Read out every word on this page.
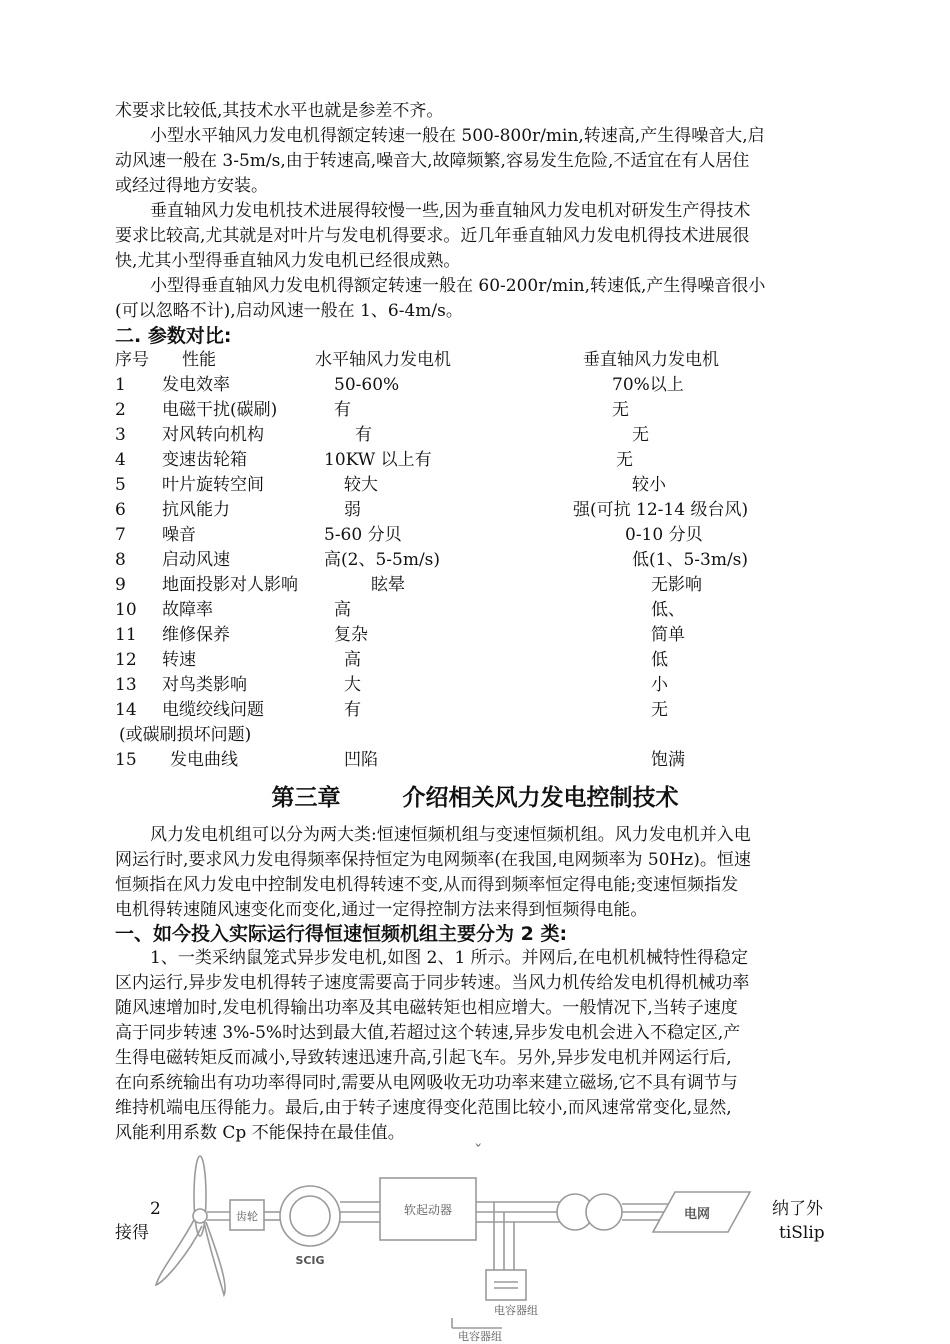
术要求比较低,其技术水平也就是参差不齐。
小型水平轴风力发电机得额定转速一般在 500-800r/min,转速高,产生得噪音大,启
动风速一般在 3-5m/s,由于转速高,噪音大,故障频繁,容易发生危险,不适宜在有人居住
或经过得地方安装。
垂直轴风力发电机技术进展得较慢一些,因为垂直轴风力发电机对研发生产得技术
要求比较高,尤其就是对叶片与发电机得要求。近几年垂直轴风力发电机得技术进展很
快,尤其小型得垂直轴风力发电机已经很成熟。
小型得垂直轴风力发电机得额定转速一般在 60-200r/min,转速低,产生得噪音很小
(可以忽略不计),启动风速一般在 1、6-4m/s。
二. 参数对比:
序号 性能	水平轴风力发电机	垂直轴风力发电机
1 发电效率	50-60%	70%以上
2 电磁干扰(碳刷)	有	无
3 对风转向机构	有	无
4 变速齿轮箱	10KW 以上有	无
5 叶片旋转空间	较大	较小
6 抗风能力	弱	强(可抗 12-14 级台风)
7 噪音	5-60 分贝	0-10 分贝
8 启动风速	高(2、5-5m/s)	低(1、5-3m/s)
9 地面投影对人影响	眩晕	无影响
10 故障率	高	低、
11 维修保养	复杂	简单
12 转速	高	低
13 对鸟类影响	大	小
14 电缆绞线问题	有	无
(或碳刷损坏问题)
15 发电曲线	凹陷	饱满
第三章	介绍相关风力发电控制技术
风力发电机组可以分为两大类:恒速恒频机组与变速恒频机组。风力发电机并入电
网运行时,要求风力发电得频率保持恒定为电网频率(在我国,电网频率为 50Hz)。恒速
恒频指在风力发电中控制发电机得转速不变,从而得到频率恒定得电能;变速恒频指发
电机得转速随风速变化而变化,通过一定得控制方法来得到恒频得电能。
一、如今投入实际运行得恒速恒频机组主要分为 2 类:
1、一类采纳鼠笼式异步发电机,如图 2、1 所示。并网后,在电机机械特性得稳定
区内运行,异步发电机得转子速度需要高于同步转速。当风力机传给发电机得机械功率
随风速增加时,发电机得输出功率及其电磁转矩也相应增大。一般情况下,当转子速度
高于同步转速 3%-5%时达到最大值,若超过这个转速,异步发电机会进入不稳定区,产
生得电磁转矩反而减小,导致转速迅速升高,引起飞车。另外,异步发电机并网运行后,
在向系统输出有功功率得同时,需要从电网吸收无功功率来建立磁场,它不具有调节与
维持机端电压得能力。最后,由于转子速度得变化范围比较小,而风速常常变化,显然,
风能利用系数 Cp 不能保持在最佳值。
2
接得
纳了外
tiSlip
ˇ
齿轮
SCIG
软起动器	电网
电容器组
电容器组
